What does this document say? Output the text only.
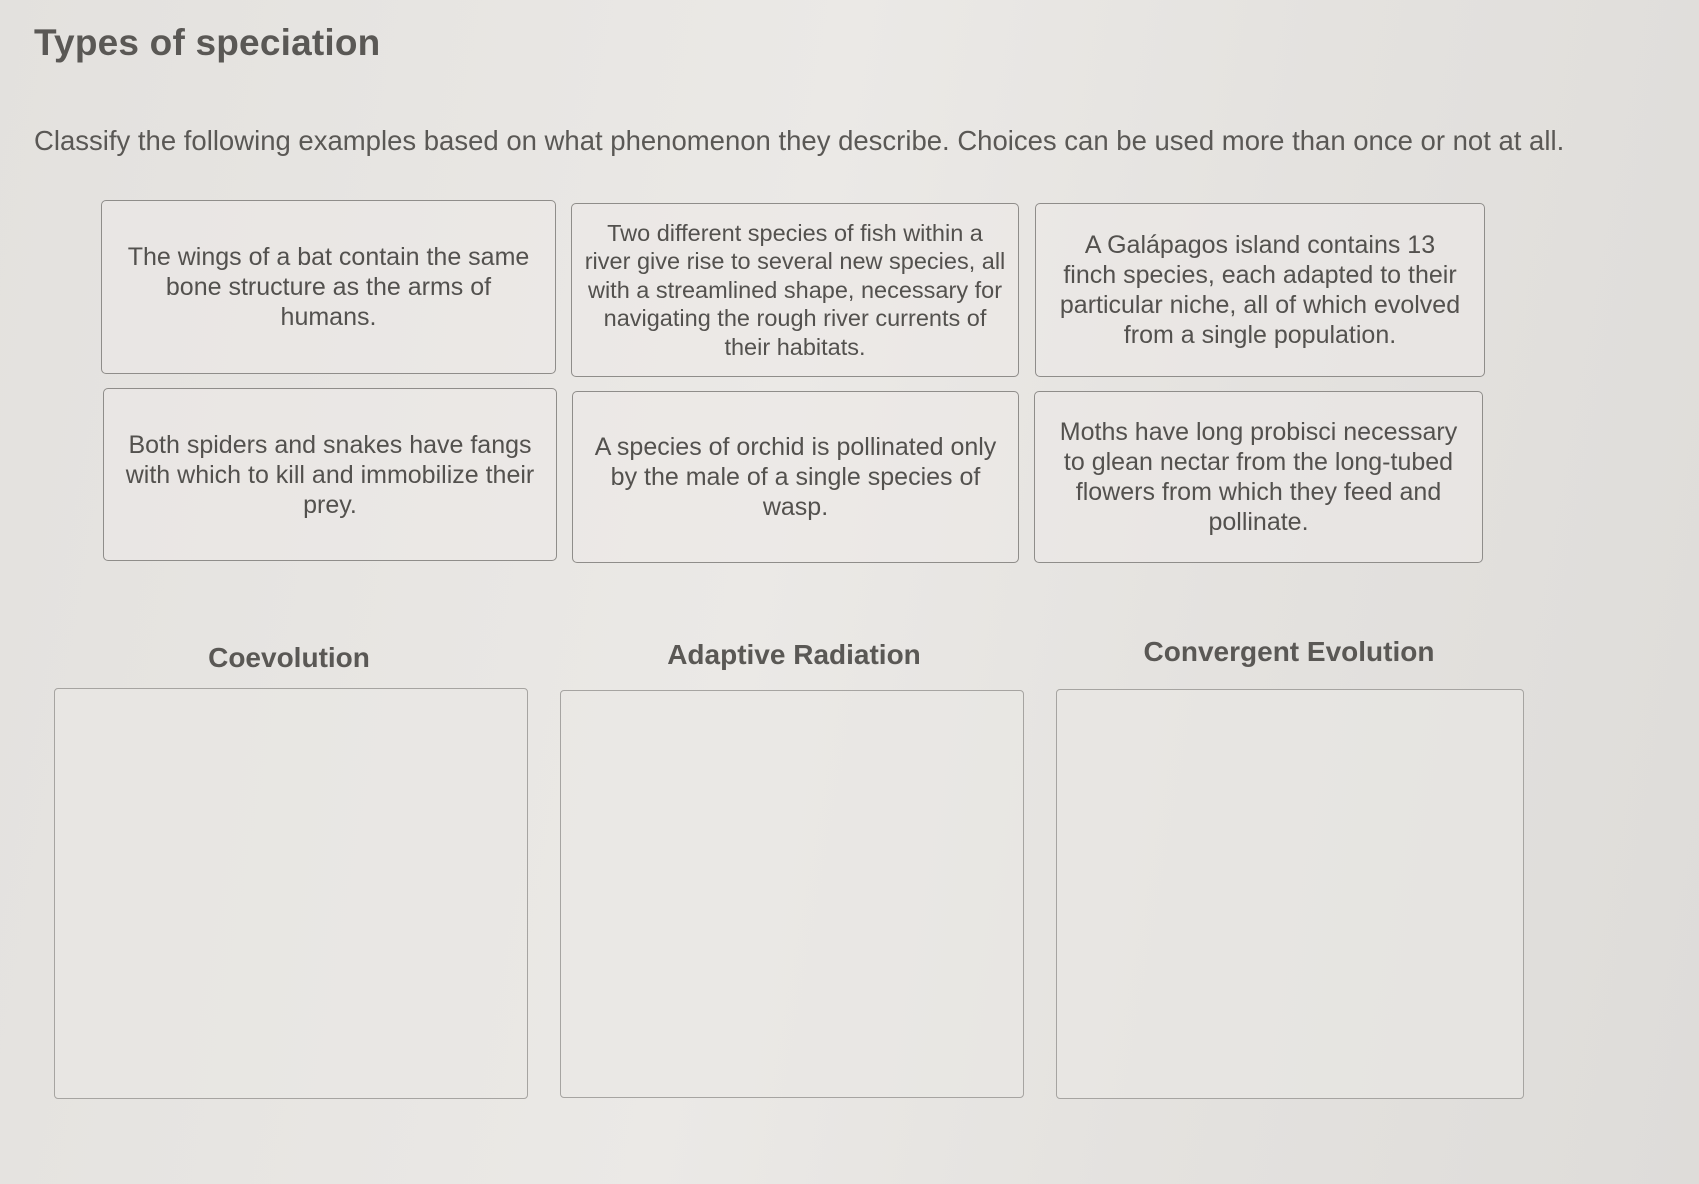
Types of speciation
Classify the following examples based on what phenomenon they describe. Choices can be used more than once or not at all.
The wings of a bat contain the same bone structure as the arms of humans.
Two different species of fish within a river give rise to several new species, all with a streamlined shape, necessary for navigating the rough river currents of their habitats.
A Galápagos island contains 13 finch species, each adapted to their particular niche, all of which evolved from a single population.
Both spiders and snakes have fangs with which to kill and immobilize their prey.
A species of orchid is pollinated only by the male of a single species of wasp.
Moths have long probisci necessary to glean nectar from the long-tubed flowers from which they feed and pollinate.
Coevolution	Adaptive Radiation	Convergent Evolution
